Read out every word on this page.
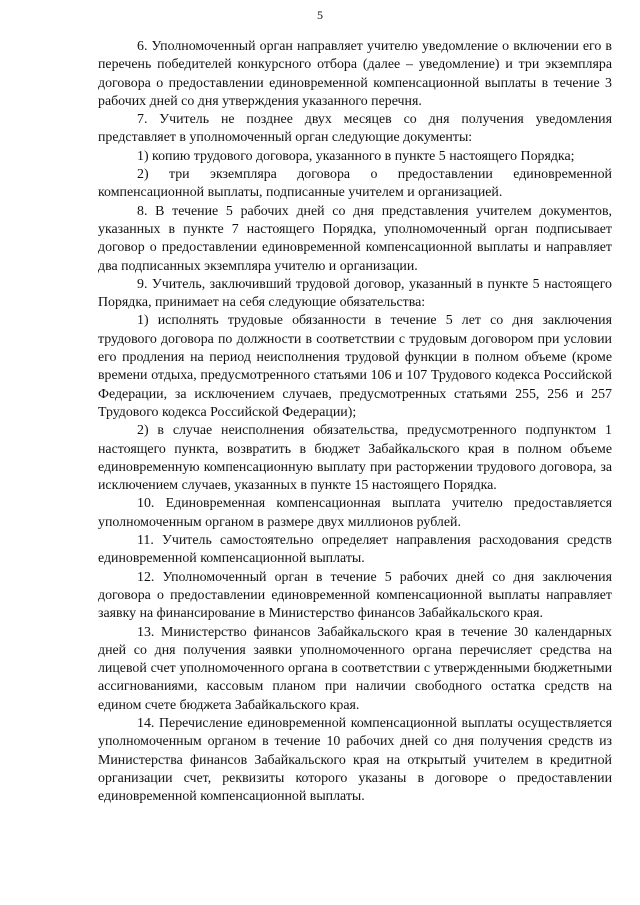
5

6. Уполномоченный орган направляет учителю уведомление о включении его в перечень победителей конкурсного отбора (далее – уведомление) и три экземпляра договора о предоставлении единовременной компенсационной выплаты в течение 3 рабочих дней со дня утверждения указанного перечня.

7. Учитель не позднее двух месяцев со дня получения уведомления представляет в уполномоченный орган следующие документы:

1) копию трудового договора, указанного в пункте 5 настоящего Порядка;

2) три экземпляра договора о предоставлении единовременной компенсационной выплаты, подписанные учителем и организацией.

8. В течение 5 рабочих дней со дня представления учителем документов, указанных в пункте 7 настоящего Порядка, уполномоченный орган подписывает договор о предоставлении единовременной компенсационной выплаты и направляет два подписанных экземпляра учителю и организации.

9. Учитель, заключивший трудовой договор, указанный в пункте 5 настоящего Порядка, принимает на себя следующие обязательства:

1) исполнять трудовые обязанности в течение 5 лет со дня заключения трудового договора по должности в соответствии с трудовым договором при условии его продления на период неисполнения трудовой функции в полном объеме (кроме времени отдыха, предусмотренного статьями 106 и 107 Трудового кодекса Российской Федерации, за исключением случаев, предусмотренных статьями 255, 256 и 257 Трудового кодекса Российской Федерации);

2) в случае неисполнения обязательства, предусмотренного подпунктом 1 настоящего пункта, возвратить в бюджет Забайкальского края в полном объеме единовременную компенсационную выплату при расторжении трудового договора, за исключением случаев, указанных в пункте 15 настоящего Порядка.

10. Единовременная компенсационная выплата учителю предоставляется уполномоченным органом в размере двух миллионов рублей.

11. Учитель самостоятельно определяет направления расходования средств единовременной компенсационной выплаты.

12. Уполномоченный орган в течение 5 рабочих дней со дня заключения договора о предоставлении единовременной компенсационной выплаты направляет заявку на финансирование в Министерство финансов Забайкальского края.

13. Министерство финансов Забайкальского края в течение 30 календарных дней со дня получения заявки уполномоченного органа перечисляет средства на лицевой счет уполномоченного органа в соответствии с утвержденными бюджетными ассигнованиями, кассовым планом при наличии свободного остатка средств на едином счете бюджета Забайкальского края.

14. Перечисление единовременной компенсационной выплаты осуществляется уполномоченным органом в течение 10 рабочих дней со дня получения средств из Министерства финансов Забайкальского края на открытый учителем в кредитной организации счет, реквизиты которого указаны в договоре о предоставлении единовременной компенсационной выплаты.
